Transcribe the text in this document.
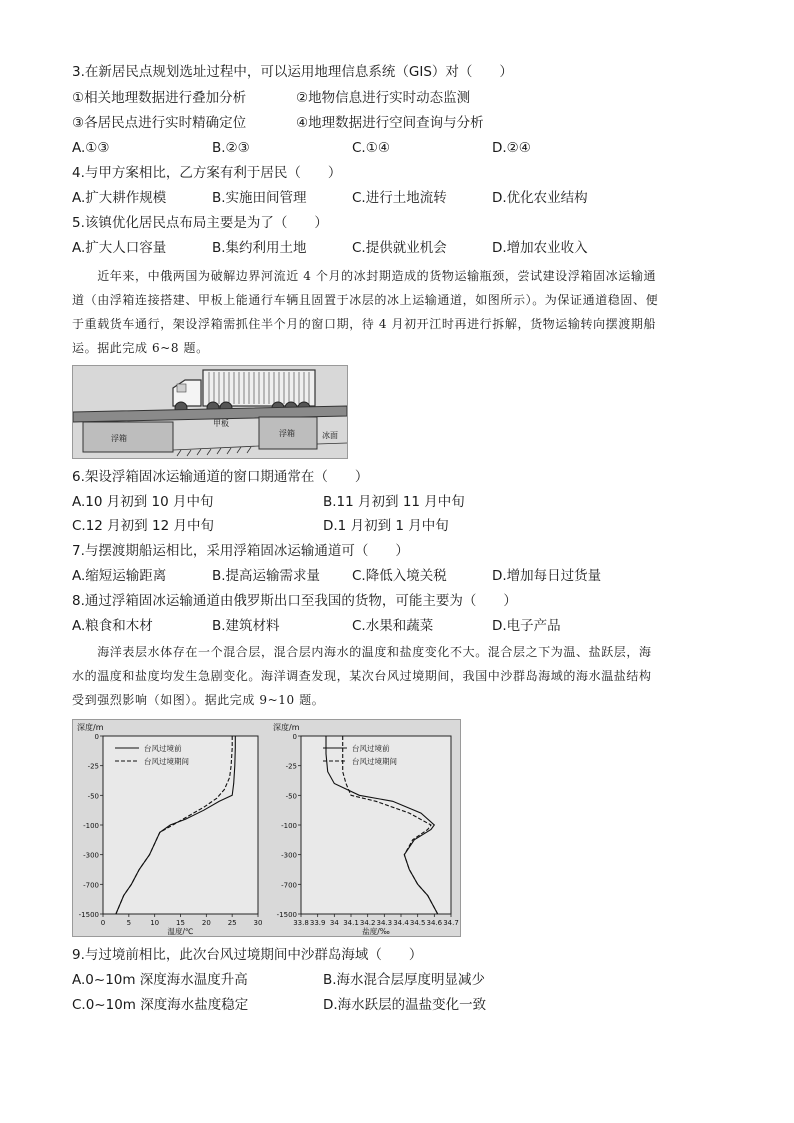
3.在新居民点规划选址过程中，可以运用地理信息系统（GIS）对（　　）
①相关地理数据进行叠加分析	②地物信息进行实时动态监测
③各居民点进行实时精确定位	④地理数据进行空间查询与分析
A.①③	B.②③	C.①④	D.②④
4.与甲方案相比，乙方案有利于居民（　　）
A.扩大耕作规模	B.实施田间管理	C.进行土地流转	D.优化农业结构
5.该镇优化居民点布局主要是为了（　　）
A.扩大人口容量	B.集约利用土地	C.提供就业机会	D.增加农业收入
　　近年来，中俄两国为破解边界河流近 4 个月的冰封期造成的货物运输瓶颈，尝试建设浮箱固冰运输通
道（由浮箱连接搭建、甲板上能通行车辆且固置于冰层的冰上运输通道，如图所示）。为保证通道稳固、便
于重载货车通行，架设浮箱需抓住半个月的窗口期，待 4 月初开江时再进行拆解，货物运输转向摆渡期船
运。据此完成 6~8 题。
甲板
浮箱
浮箱	冰面
6.架设浮箱固冰运输通道的窗口期通常在（　　）
A.10 月初到 10 月中旬	B.11 月初到 11 月中旬
C.12 月初到 12 月中旬	D.1 月初到 1 月中旬
7.与摆渡期船运相比，采用浮箱固冰运输通道可（　　）
A.缩短运输距离	B.提高运输需求量 C.降低入境关税	D.增加每日过货量
8.通过浮箱固冰运输通道由俄罗斯出口至我国的货物，可能主要为（　　）
A.粮食和木材	B.建筑材料	C.水果和蔬菜	D.电子产品
　　海洋表层水体存在一个混合层，混合层内海水的温度和盐度变化不大。混合层之下为温、盐跃层，海
水的温度和盐度均发生急剧变化。海洋调查发现，某次台风过境期间，我国中沙群岛海域的海水温盐结构
受到强烈影响（如图）。据此完成 9~10 题。
深度/m
0
-25
-50
-100
-300
-700
-1500
0	5	10 15 20 25 30
温度/℃
台风过境前
台风过境期间
深度/m
0
-25
-50
-100
-300
-700
-1500
33.8 33.9 34 34.1 34.2 34.3 34.4 34.5 34.6 34.7
盐度/‰
台风过境前
台风过境期间
9.与过境前相比，此次台风过境期间中沙群岛海域（　　）
A.0~10m 深度海水温度升高	B.海水混合层厚度明显减少
C.0~10m 深度海水盐度稳定	D.海水跃层的温盐变化一致
